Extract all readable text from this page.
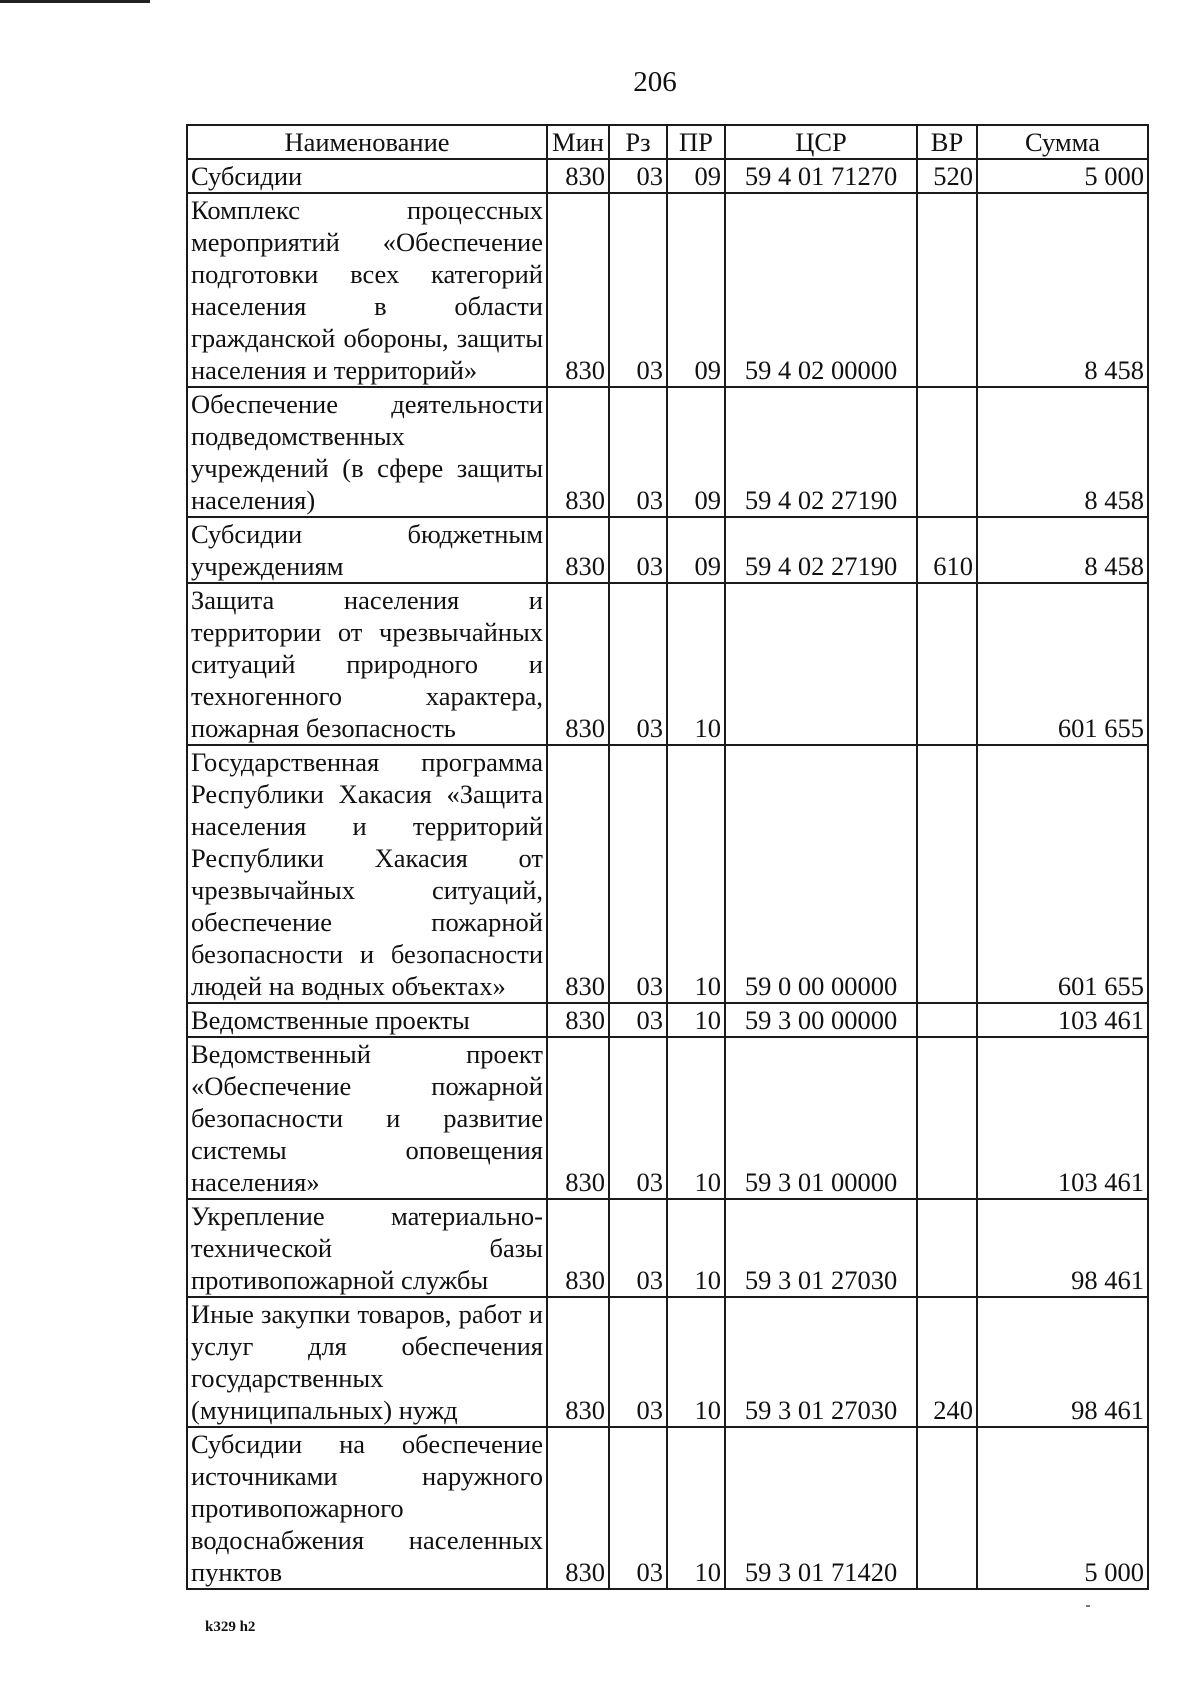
206
Наименование	Мин	Рз	ПР	ЦСР	ВР	Сумма
Субсидии	830	03	09	59 4 01 71270	520	5 000
Комплекс процессных мероприятий «Обеспечение подготовки всех категорий населения в области гражданской обороны, защиты населения и территорий»	830	03	09	59 4 02 00000		8 458
Обеспечение деятельности подведомственных учреждений (в сфере защиты населения)	830	03	09	59 4 02 27190		8 458
Субсидии бюджетным учреждениям	830	03	09	59 4 02 27190	610	8 458
Защита населения и территории от чрезвычайных ситуаций природного и техногенного характера, пожарная безопасность	830	03	10			601 655
Государственная программа Республики Хакасия «Защита населения и территорий Республики Хакасия от чрезвычайных ситуаций, обеспечение пожарной безопасности и безопасности людей на водных объектах»	830	03	10	59 0 00 00000		601 655
Ведомственные проекты	830	03	10	59 3 00 00000		103 461
Ведомственный проект «Обеспечение пожарной безопасности и развитие системы оповещения населения»	830	03	10	59 3 01 00000		103 461
Укрепление материально-технической базы противопожарной службы	830	03	10	59 3 01 27030		98 461
Иные закупки товаров, работ и услуг для обеспечения государственных (муниципальных) нужд	830	03	10	59 3 01 27030	240	98 461
Субсидии на обеспечение источниками наружного противопожарного водоснабжения населенных пунктов	830	03	10	59 3 01 71420		5 000
k329 h2
